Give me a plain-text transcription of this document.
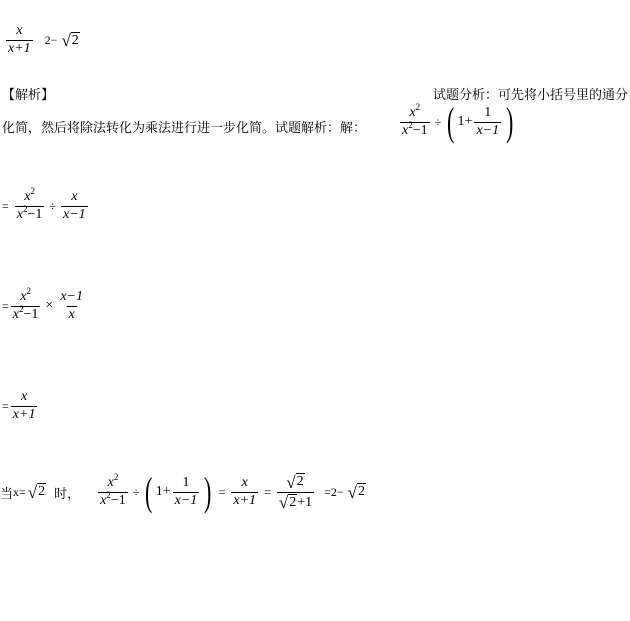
$\frac{x}{x+1} 2-$ √ 2
【解析】	试题分析：可先将小括号里的通分
化简，然后将除法转化为乘法进行进一步化简。试题解析：解： $\frac{x^2}{x^2-1}$ ÷ ( $1+ \frac{1}{x-1}$ )
= $\frac{x^2}{x^2-1} \div \frac{x}{x-1}$
= $\frac{x^2}{x^2-1} \times \frac{x-1}{x}$
= $\frac{x}{x+1}$
当 x= √ 2 时， $\frac{x^2}{x^2-1}$ ÷ ( $1+ \frac{1}{x-1}$ ) = $\frac{x}{x+1} = \frac{√ 2}{√ 2 +1} =2-$ √ 2
